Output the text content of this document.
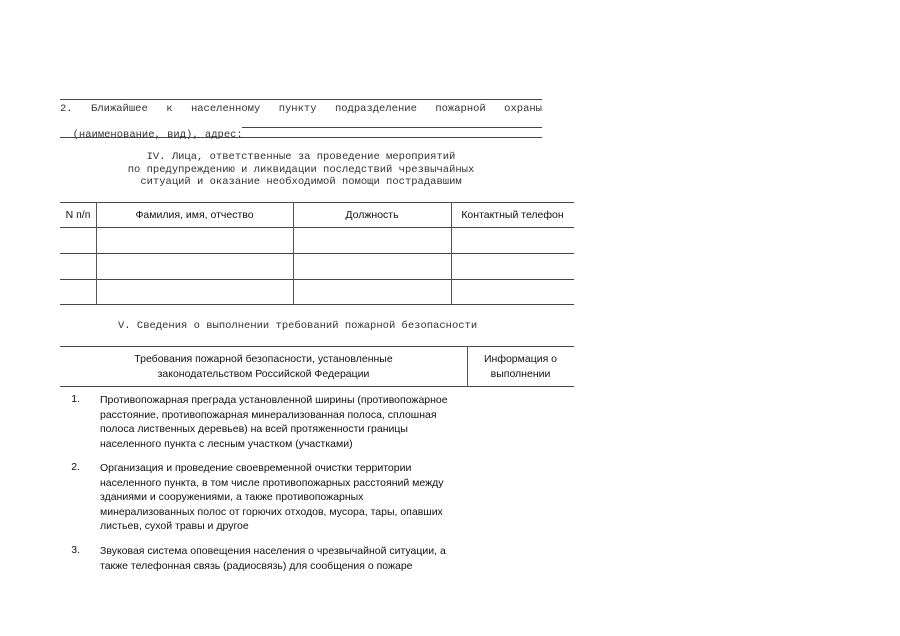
2. Ближайшее к населенному пункту подразделение пожарной охраны

(наименование, вид), адрес:

IV. Лица, ответственные за проведение мероприятий
по предупреждению и ликвидации последствий чрезвычайных
ситуаций и оказание необходимой помощи пострадавшим
N п/п	Фамилия, имя, отчество	Должность	Контактный телефон
V. Сведения о выполнении требований пожарной безопасности
Требования пожарной безопасности, установленные
законодательством Российской Федерации
Информация о
выполнении
1.	Противопожарная преграда установленной ширины (противопожарное
расстояние, противопожарная минерализованная полоса, сплошная
полоса лиственных деревьев) на всей протяженности границы
населенного пункта с лесным участком (участками)
2.	Организация и проведение своевременной очистки территории
населенного пункта, в том числе противопожарных расстояний между
зданиями и сооружениями, а также противопожарных
минерализованных полос от горючих отходов, мусора, тары, опавших
листьев, сухой травы и другое
3.	Звуковая система оповещения населения о чрезвычайной ситуации, а
также телефонная связь (радиосвязь) для сообщения о пожаре
